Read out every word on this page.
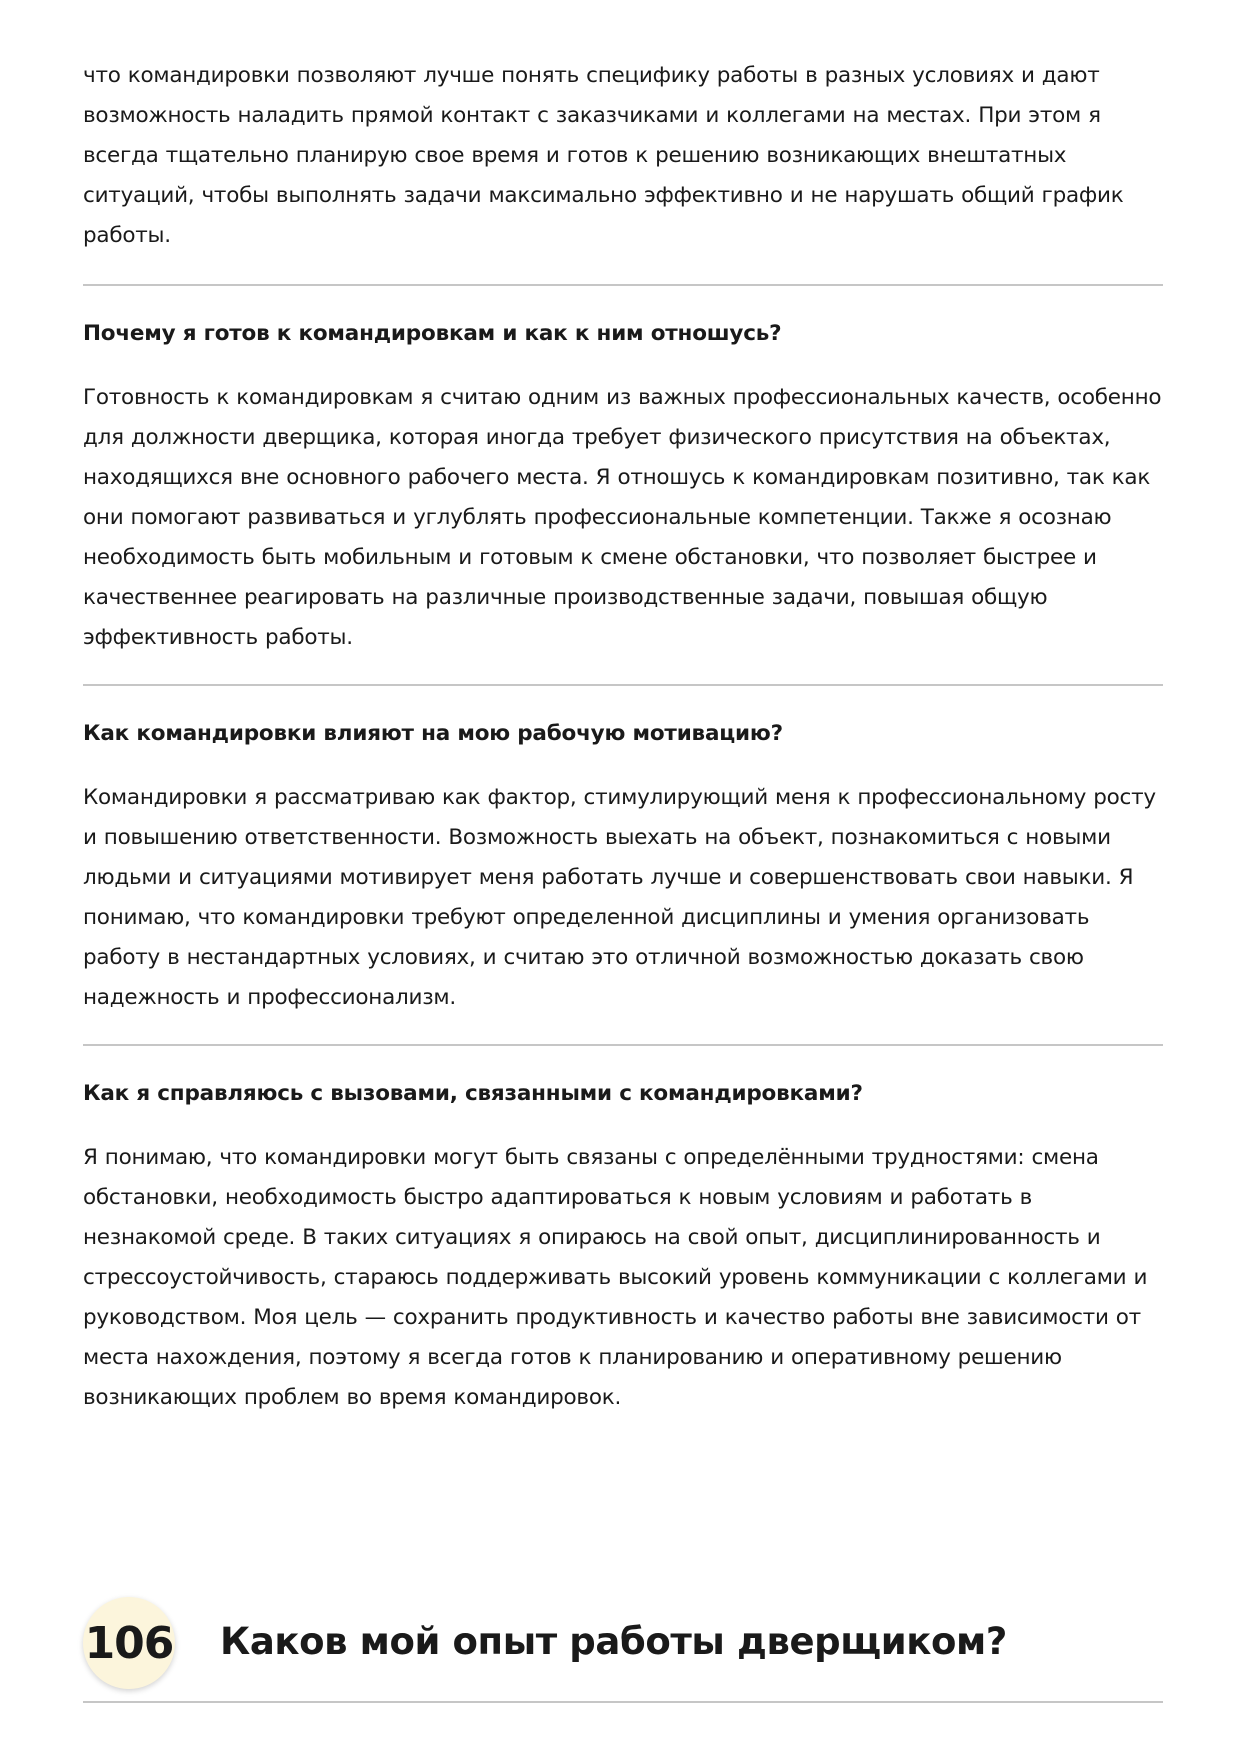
что командировки позволяют лучше понять специфику работы в разных условиях и дают возможность наладить прямой контакт с заказчиками и коллегами на местах. При этом я всегда тщательно планирую свое время и готов к решению возникающих внештатных ситуаций, чтобы выполнять задачи максимально эффективно и не нарушать общий график работы.

Почему я готов к командировкам и как к ним отношусь?

Готовность к командировкам я считаю одним из важных профессиональных качеств, особенно для должности дверщика, которая иногда требует физического присутствия на объектах, находящихся вне основного рабочего места. Я отношусь к командировкам позитивно, так как они помогают развиваться и углублять профессиональные компетенции. Также я осознаю необходимость быть мобильным и готовым к смене обстановки, что позволяет быстрее и качественнее реагировать на различные производственные задачи, повышая общую эффективность работы.

Как командировки влияют на мою рабочую мотивацию?

Командировки я рассматриваю как фактор, стимулирующий меня к профессиональному росту и повышению ответственности. Возможность выехать на объект, познакомиться с новыми людьми и ситуациями мотивирует меня работать лучше и совершенствовать свои навыки. Я понимаю, что командировки требуют определенной дисциплины и умения организовать работу в нестандартных условиях, и считаю это отличной возможностью доказать свою надежность и профессионализм.

Как я справляюсь с вызовами, связанными с командировками?

Я понимаю, что командировки могут быть связаны с определёнными трудностями: смена обстановки, необходимость быстро адаптироваться к новым условиям и работать в незнакомой среде. В таких ситуациях я опираюсь на свой опыт, дисциплинированность и стрессоустойчивость, стараюсь поддерживать высокий уровень коммуникации с коллегами и руководством. Моя цель — сохранить продуктивность и качество работы вне зависимости от места нахождения, поэтому я всегда готов к планированию и оперативному решению возникающих проблем во время командировок.

106 Каков мой опыт работы дверщиком?
